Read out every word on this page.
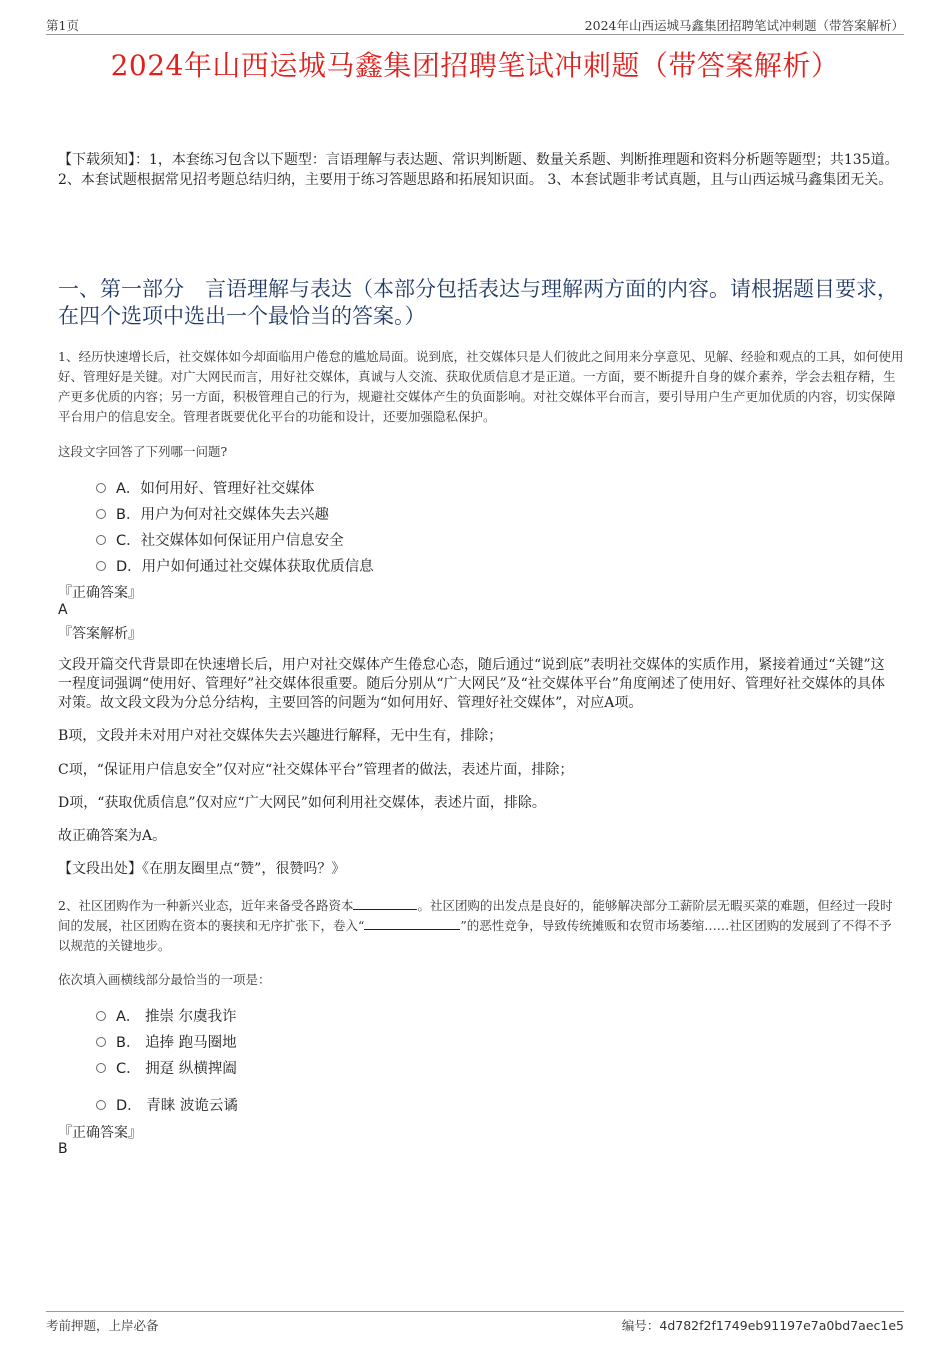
第1页	2024年山西运城马鑫集团招聘笔试冲刺题（带答案解析）
2024年山西运城马鑫集团招聘笔试冲刺题（带答案解析）
【下载须知】：1，本套练习包含以下题型：言语理解与表达题、常识判断题、数量关系题、判断推理题和资料分析题等题型；共135道。 2、本套试题根据常见招考题总结归纳，主要用于练习答题思路和拓展知识面。 3、本套试题非考试真题，且与山西运城马鑫集团无关。
一、第一部分　言语理解与表达（本部分包括表达与理解两方面的内容。请根据题目要求，在四个选项中选出一个最恰当的答案。）
1、经历快速增长后，社交媒体如今却面临用户倦怠的尴尬局面。说到底，社交媒体只是人们彼此之间用来分享意见、见解、经验和观点的工具，如何使用好、管理好是关键。对广大网民而言，用好社交媒体，真诚与人交流、获取优质信息才是正道。一方面，要不断提升自身的媒介素养，学会去粗存精，生产更多优质的内容；另一方面，积极管理自己的行为，规避社交媒体产生的负面影响。对社交媒体平台而言，要引导用户生产更加优质的内容，切实保障平台用户的信息安全。管理者既要优化平台的功能和设计，还要加强隐私保护。
这段文字回答了下列哪一问题?
A．如何用好、管理好社交媒体
B．用户为何对社交媒体失去兴趣
C．社交媒体如何保证用户信息安全
D．用户如何通过社交媒体获取优质信息
『正确答案』
A
『答案解析』
文段开篇交代背景即在快速增长后，用户对社交媒体产生倦怠心态，随后通过“说到底”表明社交媒体的实质作用，紧接着通过“关键”这一程度词强调“使用好、管理好”社交媒体很重要。随后分别从“广大网民”及“社交媒体平台”角度阐述了使用好、管理好社交媒体的具体对策。故文段文段为分总分结构，主要回答的问题为“如何用好、管理好社交媒体”，对应A项。
B项，文段并未对用户对社交媒体失去兴趣进行解释，无中生有，排除；
C项，“保证用户信息安全”仅对应“社交媒体平台”管理者的做法，表述片面，排除；
D项，“获取优质信息”仅对应“广大网民”如何利用社交媒体，表述片面，排除。
故正确答案为A。
【文段出处】《在朋友圈里点“赞”，很赞吗？》
2、社区团购作为一种新兴业态，近年来备受各路资本	。社区团购的出发点是良好的，能够解决部分工薪阶层无暇买菜的难题，但经过一段时间的发展，社区团购在资本的裹挟和无序扩张下，卷入“	”的恶性竞争，导致传统摊贩和农贸市场萎缩……社区团购的发展到了不得不予以规范的关键地步。
依次填入画横线部分最恰当的一项是：
A． 推崇 尔虞我诈
B． 追捧 跑马圈地
C． 拥趸 纵横捭阖
D． 青睐 波诡云谲
『正确答案』
B
考前押题，上岸必备	编号：4d782f2f1749eb91197e7a0bd7aec1e5
